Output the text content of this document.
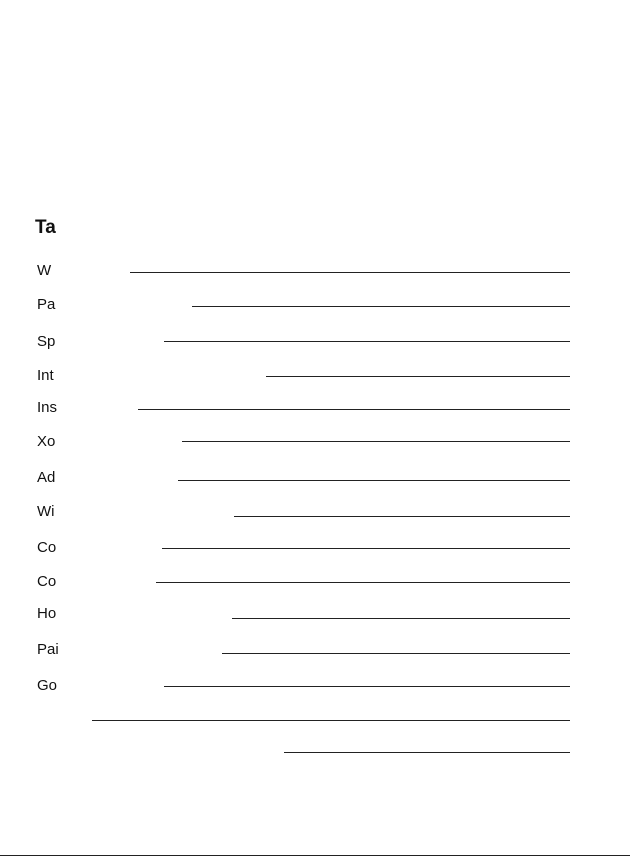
Ta
W
Pa
Sp
Int
Ins
Xo
Ad
Wi
Co
Co
Ho
Pai
Go
